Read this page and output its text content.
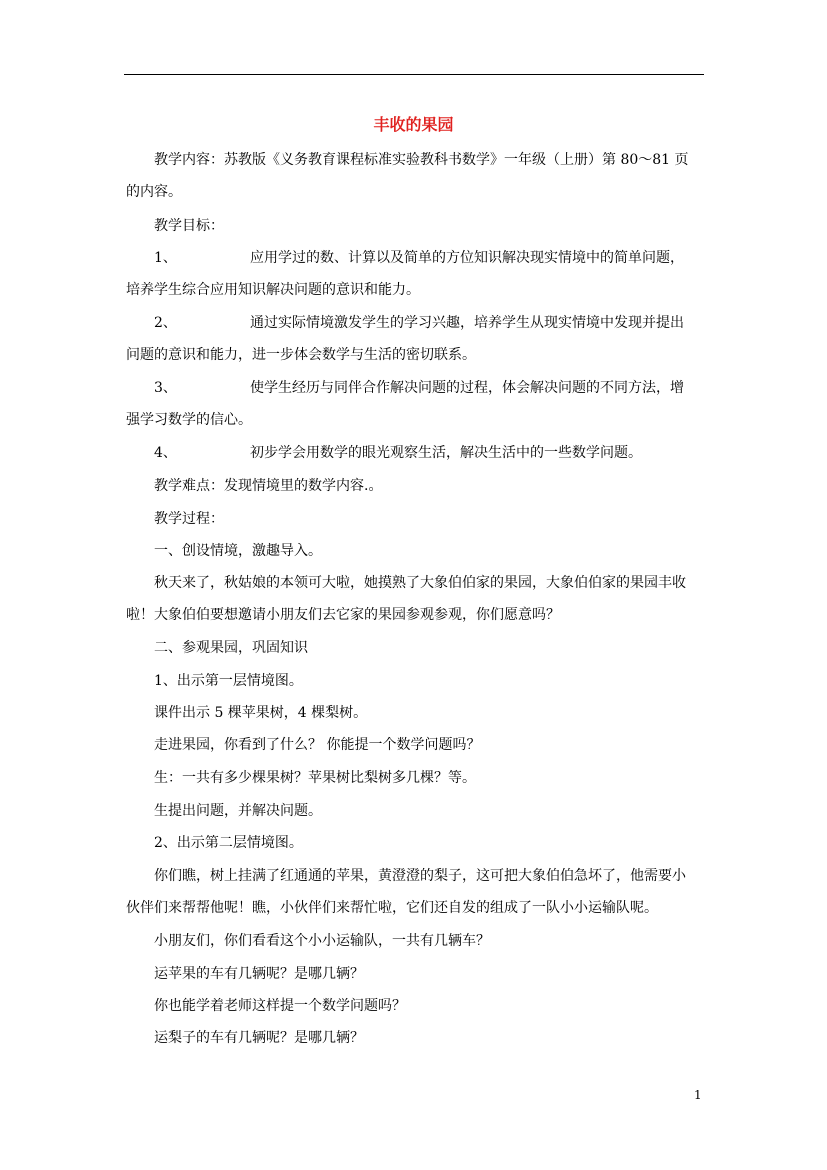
丰收的果园
教学内容：苏教版《义务教育课程标准实验教科书数学》一年级（上册）第 80～81 页
的内容。
教学目标：
1、	应用学过的数、计算以及简单的方位知识解决现实情境中的简单问题，
培养学生综合应用知识解决问题的意识和能力。
2、	通过实际情境激发学生的学习兴趣，培养学生从现实情境中发现并提出
问题的意识和能力，进一步体会数学与生活的密切联系。
3、	使学生经历与同伴合作解决问题的过程，体会解决问题的不同方法，增
强学习数学的信心。
4、	初步学会用数学的眼光观察生活，解决生活中的一些数学问题。
教学难点：发现情境里的数学内容.。
教学过程：
一、创设情境，激趣导入。
秋天来了，秋姑娘的本领可大啦，她摸熟了大象伯伯家的果园，大象伯伯家的果园丰收
啦！大象伯伯要想邀请小朋友们去它家的果园参观参观，你们愿意吗？
二、参观果园，巩固知识
1、出示第一层情境图。
课件出示 5 棵苹果树，4 棵梨树。
走进果园，你看到了什么？ 你能提一个数学问题吗？
生：一共有多少棵果树？苹果树比梨树多几棵？等。
生提出问题，并解决问题。
2、出示第二层情境图。
你们瞧，树上挂满了红通通的苹果，黄澄澄的梨子，这可把大象伯伯急坏了，他需要小
伙伴们来帮帮他呢！瞧，小伙伴们来帮忙啦，它们还自发的组成了一队小小运输队呢。
小朋友们，你们看看这个小小运输队，一共有几辆车？
运苹果的车有几辆呢？是哪几辆？
你也能学着老师这样提一个数学问题吗？
运梨子的车有几辆呢？是哪几辆？
1
